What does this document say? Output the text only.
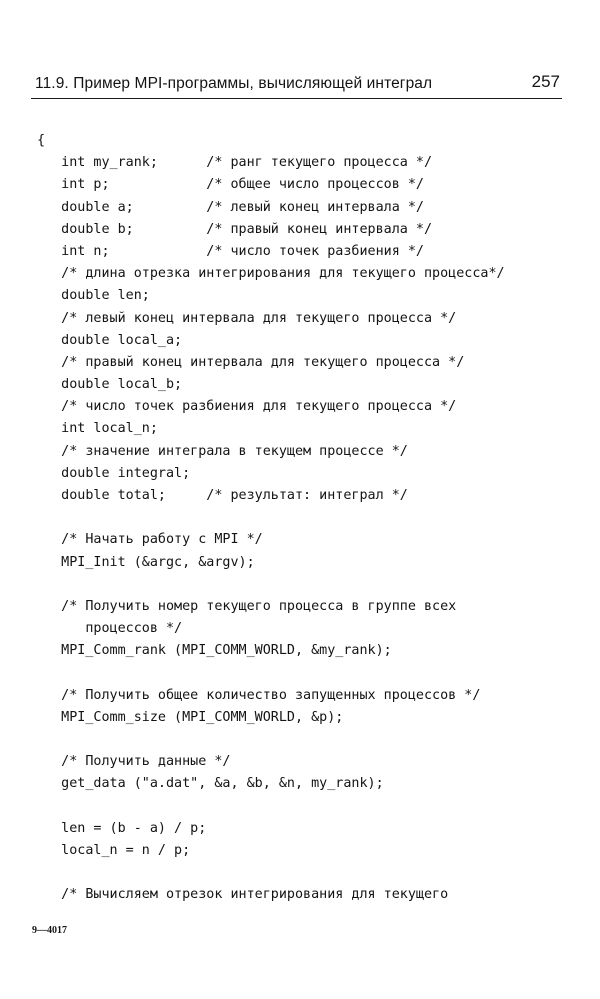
11.9. Пример MPI-программы, вычисляющей интеграл	257
{
int my_rank;      /* ранг текущего процесса */
int p;            /* общее число процессов */
double a;         /* левый конец интервала */
double b;         /* правый конец интервала */
int n;            /* число точек разбиения */
/* длина отрезка интегрирования для текущего процесса*/
double len;
/* левый конец интервала для текущего процесса */
double local_a;
/* правый конец интервала для текущего процесса */
double local_b;
/* число точек разбиения для текущего процесса */
int local_n;
/* значение интеграла в текущем процессе */
double integral;
double total;     /* результат: интеграл */
/* Начать работу с MPI */
MPI_Init (&argc, &argv);
/* Получить номер текущего процесса в группе всех
процессов */
MPI_Comm_rank (MPI_COMM_WORLD, &my_rank);
/* Получить общее количество запущенных процессов */
MPI_Comm_size (MPI_COMM_WORLD, &p);
/* Получить данные */
get_data ("a.dat", &a, &b, &n, my_rank);
len = (b - a) / p;
local_n = n / p;
/* Вычисляем отрезок интегрирования для текущего
9—4017
